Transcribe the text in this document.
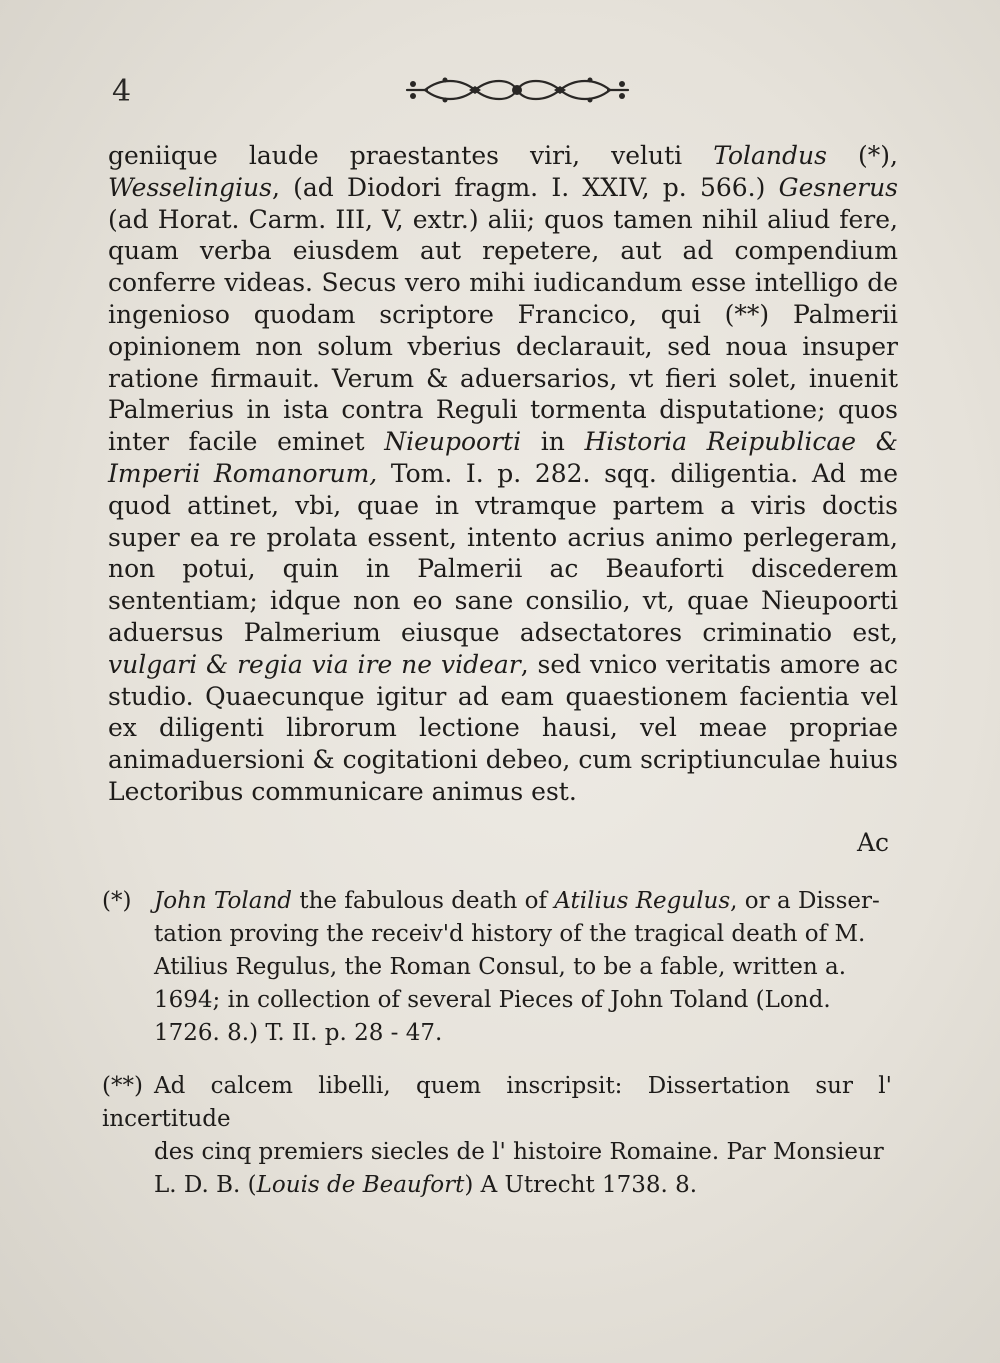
4

geniique laude praestantes viri, veluti Tolandus (*), Wesselingius, (ad Diodori fragm. I. XXIV, p. 566.) Gesnerus (ad Horat. Carm. III, V, extr.) alii; quos tamen nihil aliud fere, quam verba eiusdem aut repetere, aut ad compendium conferre videas. Secus vero mihi iudicandum esse intelligo de ingenioso quodam scriptore Francico, qui (**) Palmerii opinionem non solum vberius declarauit, sed noua insuper ratione firmauit. Verum & aduersarios, vt fieri solet, inuenit Palmerius in ista contra Reguli tormenta disputatione; quos inter facile eminet Nieupoorti in Historia Reipublicae & Imperii Romanorum, Tom. I. p. 282. sqq. diligentia. Ad me quod attinet, vbi, quae in vtramque partem a viris doctis super ea re prolata essent, intento acrius animo perlegeram, non potui, quin in Palmerii ac Beauforti discederem sententiam; idque non eo sane consilio, vt, quae Nieupoorti aduersus Palmerium eiusque adsectatores criminatio est, vulgari & regia via ire ne videar, sed vnico veritatis amore ac studio. Quaecunque igitur ad eam quaestionem facientia vel ex diligenti librorum lectione hausi, vel meae propriae animaduersioni & cogitationi debeo, cum scriptiunculae huius Lectoribus communicare animus est.

Ac
(*) John Toland the fabulous death of Atilius Regulus, or a Disser-
tation proving the receiv'd history of the tragical death of M.
Atilius Regulus, the Roman Consul, to be a fable, written a.
1694; in collection of several Pieces of John Toland (Lond.
1726. 8.) T. II. p. 28 - 47.
(**) Ad calcem libelli, quem inscripsit: Dissertation sur l' incertitude
des cinq premiers siecles de l' histoire Romaine. Par Monsieur
L. D. B. (Louis de Beaufort) A Utrecht 1738. 8.
